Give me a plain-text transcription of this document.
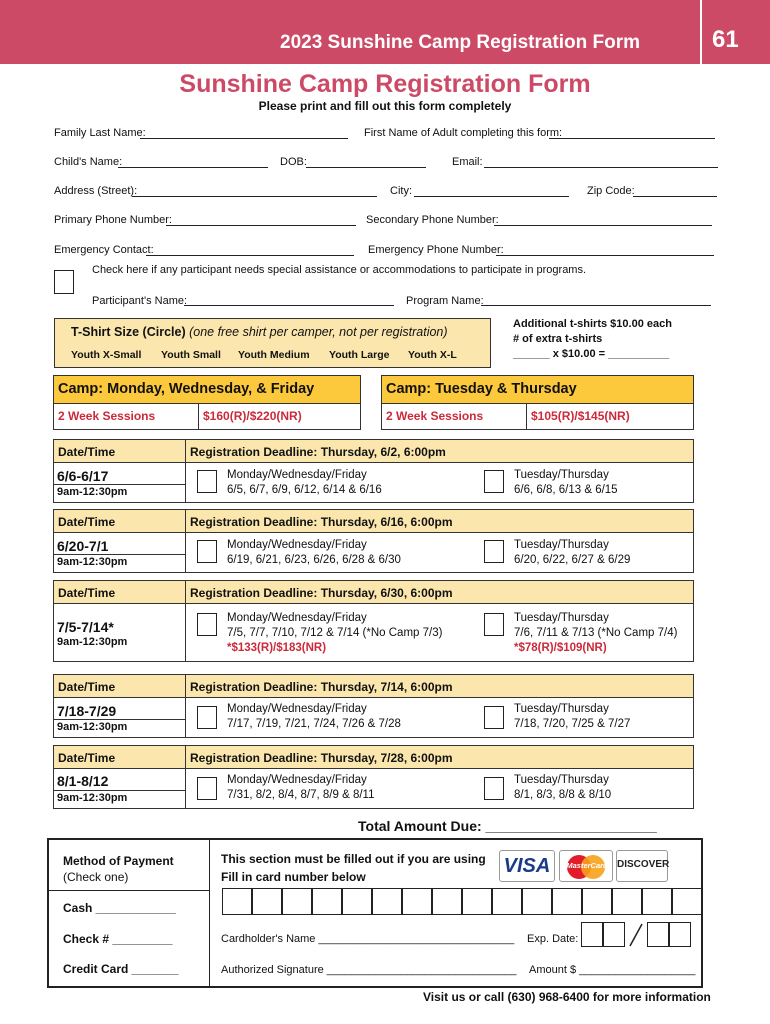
2023 Sunshine Camp Registration Form	61
Sunshine Camp Registration Form
Please print and fill out this form completely
Family Last Name:	First Name of Adult completing this form:
Child's Name:	DOB:	Email:
Address (Street):	City:	Zip Code:
Primary Phone Number:	Secondary Phone Number:
Emergency Contact:	Emergency Phone Number:
Check here if any participant needs special assistance or accommodations to participate in programs.
Participant's Name:	Program Name:
T-Shirt Size (Circle) (one free shirt per camper, not per registration)
Youth X-Small Youth Small Youth Medium Youth Large Youth X-L
Additional t-shirts $10.00 each
# of extra t-shirts
______ x $10.00 = __________
Camp: Monday, Wednesday, & Friday
2 Week Sessions	$160(R)/$220(NR)
Camp: Tuesday & Thursday
2 Week Sessions	$105(R)/$145(NR)
Date/Time	Registration Deadline: Thursday, 6/2, 6:00pm
6/6-6/17
9am-12:30pm
Monday/Wednesday/Friday
6/5, 6/7, 6/9, 6/12, 6/14 & 6/16
Tuesday/Thursday
6/6, 6/8, 6/13 & 6/15
Date/Time	Registration Deadline: Thursday, 6/16, 6:00pm
6/20-7/1
9am-12:30pm
Monday/Wednesday/Friday
6/19, 6/21, 6/23, 6/26, 6/28 & 6/30
Tuesday/Thursday
6/20, 6/22, 6/27 & 6/29
Date/Time	Registration Deadline: Thursday, 6/30, 6:00pm
7/5-7/14*
9am-12:30pm
Monday/Wednesday/Friday
7/5, 7/7, 7/10, 7/12 & 7/14 (*No Camp 7/3)
*$133(R)/$183(NR)
Tuesday/Thursday
7/6, 7/11 & 7/13 (*No Camp 7/4)
*$78(R)/$109(NR)
Date/Time	Registration Deadline: Thursday, 7/14, 6:00pm
7/18-7/29
9am-12:30pm
Monday/Wednesday/Friday
7/17, 7/19, 7/21, 7/24, 7/26 & 7/28
Tuesday/Thursday
7/18, 7/20, 7/25 & 7/27
Date/Time	Registration Deadline: Thursday, 7/28, 6:00pm
8/1-8/12
9am-12:30pm
Monday/Wednesday/Friday
7/31, 8/2, 8/4, 8/7, 8/9 & 8/11
Tuesday/Thursday
8/1, 8/3, 8/8 & 8/10
Total Amount Due: ______________________
Method of Payment
(Check one)
Cash ____________
Check # _________
Credit Card _______
This section must be filled out if you are using
Fill in card number below	VISA	MasterCard DISCOVER
Cardholder's Name ________________________________ Exp. Date:
Authorized Signature _______________________________ Amount $ ___________________
Visit us or call (630) 968-6400 for more information
